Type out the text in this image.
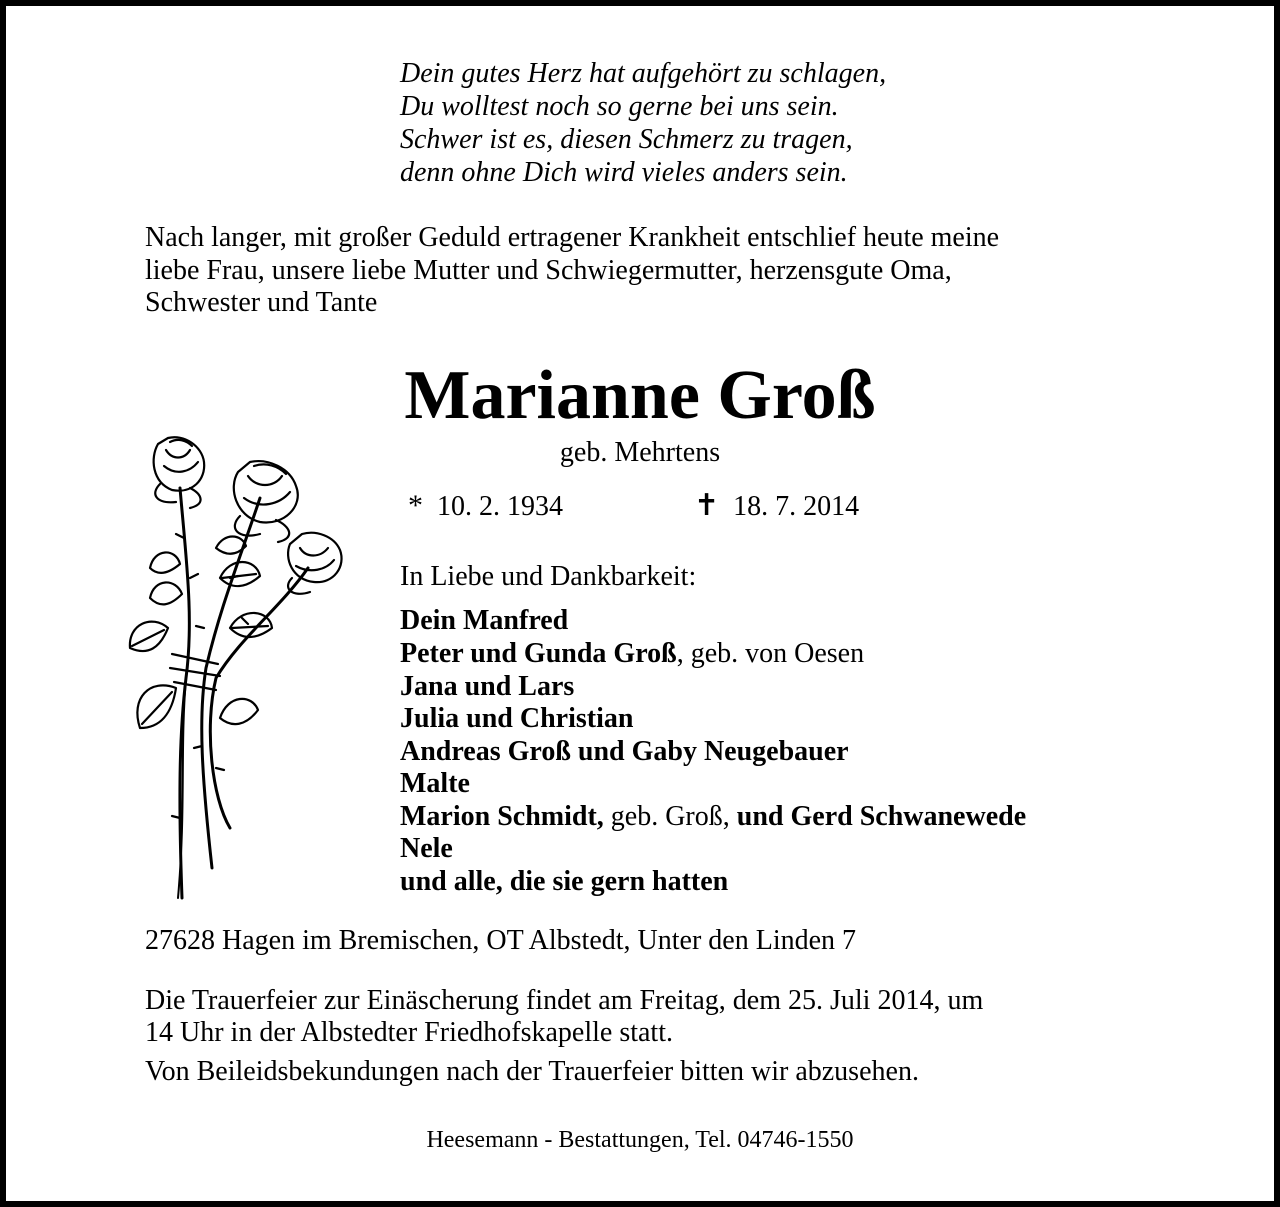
Dein gutes Herz hat aufgehört zu schlagen,
Du wolltest noch so gerne bei uns sein.
Schwer ist es, diesen Schmerz zu tragen,
denn ohne Dich wird vieles anders sein.
Nach langer, mit großer Geduld ertragener Krankheit entschlief heute meine
liebe Frau, unsere liebe Mutter und Schwiegermutter, herzensgute Oma,
Schwester und Tante
Marianne Groß
geb. Mehrtens
* 10. 2. 1934	✝ 18. 7. 2014
In Liebe und Dankbarkeit:
Dein Manfred
Peter und Gunda Groß, geb. von Oesen
Jana und Lars
Julia und Christian
Andreas Groß und Gaby Neugebauer
Malte
Marion Schmidt, geb. Groß, und Gerd Schwanewede
Nele
und alle, die sie gern hatten
27628 Hagen im Bremischen, OT Albstedt, Unter den Linden 7
Die Trauerfeier zur Einäscherung findet am Freitag, dem 25. Juli 2014, um
14 Uhr in der Albstedter Friedhofskapelle statt.
Von Beileidsbekundungen nach der Trauerfeier bitten wir abzusehen.
Heesemann - Bestattungen, Tel. 04746-1550
